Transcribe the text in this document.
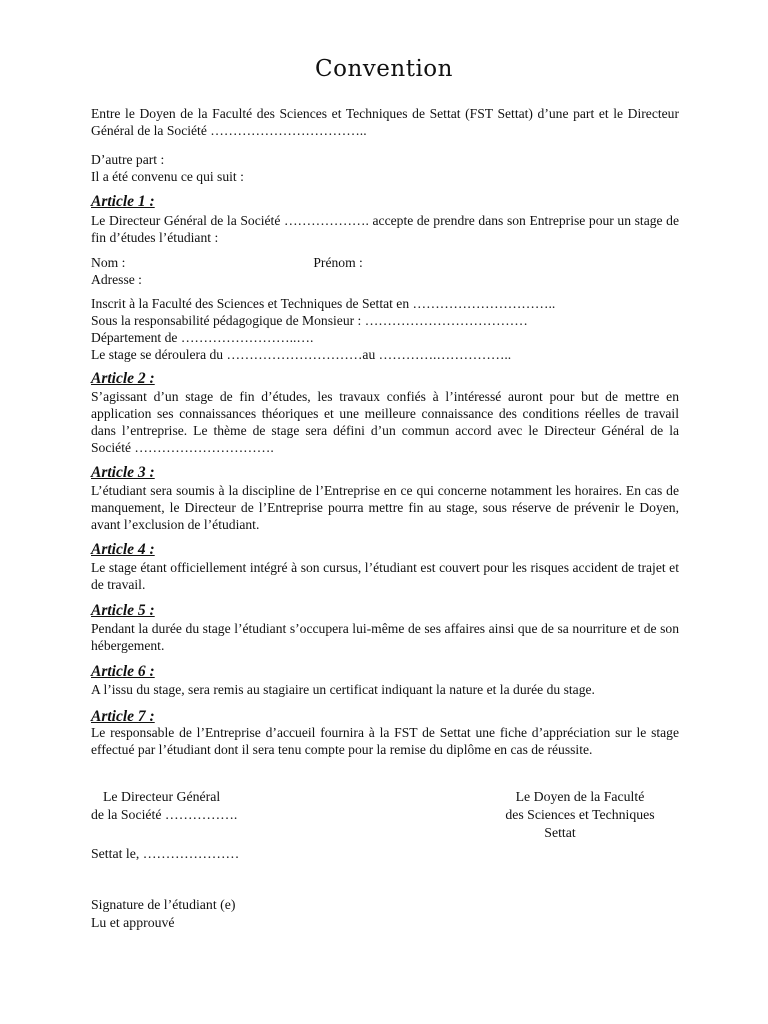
Convention
Entre le Doyen de la Faculté des Sciences et Techniques de Settat (FST Settat) d’une part et le Directeur Général de la Société ……………………………..
D’autre part :
Il a été convenu ce qui suit :
Article 1 :
Le Directeur Général de la Société ………………. accepte de prendre dans son Entreprise pour un stage de fin d’études l’étudiant :
Nom :	Prénom :
Adresse :
Inscrit à la Faculté des Sciences et Techniques de Settat en …………………………..
Sous la responsabilité pédagogique de Monsieur : ………………………………
Département de ……………………..….
Le stage se déroulera du …………………………au ………….……………..
Article 2 :
S’agissant d’un stage de fin d’études, les travaux confiés à l’intéressé auront pour but de mettre en application ses connaissances théoriques et une meilleure connaissance des conditions réelles de travail dans l’entreprise. Le thème de stage sera défini d’un commun accord avec le Directeur Général de la Société ………………………….
Article 3 :
L’étudiant sera soumis à la discipline de l’Entreprise en ce qui concerne notamment les horaires. En cas de manquement, le Directeur de l’Entreprise pourra mettre fin au stage, sous réserve de prévenir le Doyen, avant l’exclusion de l’étudiant.
Article 4 :
Le stage étant officiellement intégré à son cursus, l’étudiant est couvert pour les risques accident de trajet et de travail.
Article 5 :
Pendant la durée du stage l’étudiant s’occupera lui-même de ses affaires ainsi que de sa nourriture et de son hébergement.
Article 6 :
A l’issu du stage, sera remis au stagiaire un certificat indiquant la nature et la durée du stage.
Article 7 :
Le responsable de l’Entreprise d’accueil fournira à la FST de Settat une fiche d’appréciation sur le stage effectué par l’étudiant dont il sera tenu compte pour la remise du diplôme en cas de réussite.
Le Directeur Général
de la Société …………….
Le Doyen de la Faculté
des Sciences et Techniques
Settat
Settat le, …………………
Signature de l’étudiant (e)
Lu et approuvé
